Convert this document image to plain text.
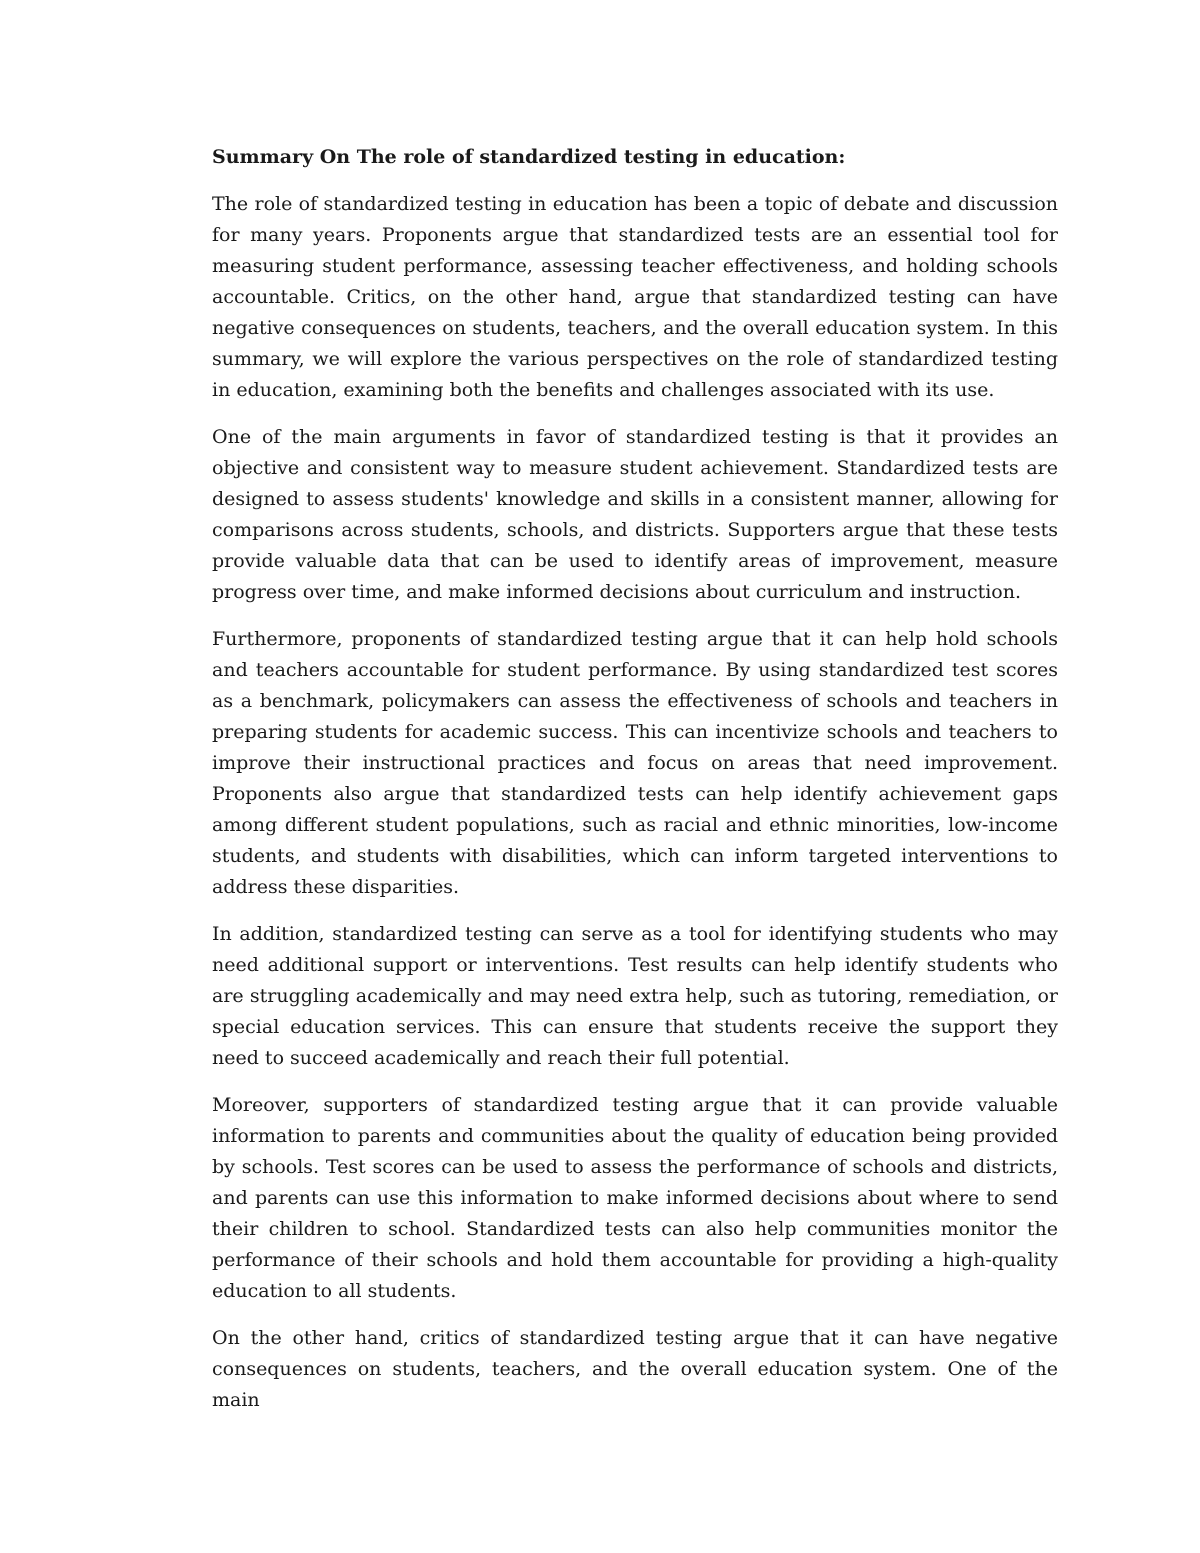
Summary On The role of standardized testing in education:

The role of standardized testing in education has been a topic of debate and discussion for many years. Proponents argue that standardized tests are an essential tool for measuring student performance, assessing teacher effectiveness, and holding schools accountable. Critics, on the other hand, argue that standardized testing can have negative consequences on students, teachers, and the overall education system. In this summary, we will explore the various perspectives on the role of standardized testing in education, examining both the benefits and challenges associated with its use.

One of the main arguments in favor of standardized testing is that it provides an objective and consistent way to measure student achievement. Standardized tests are designed to assess students' knowledge and skills in a consistent manner, allowing for comparisons across students, schools, and districts. Supporters argue that these tests provide valuable data that can be used to identify areas of improvement, measure progress over time, and make informed decisions about curriculum and instruction.

Furthermore, proponents of standardized testing argue that it can help hold schools and teachers accountable for student performance. By using standardized test scores as a benchmark, policymakers can assess the effectiveness of schools and teachers in preparing students for academic success. This can incentivize schools and teachers to improve their instructional practices and focus on areas that need improvement. Proponents also argue that standardized tests can help identify achievement gaps among different student populations, such as racial and ethnic minorities, low-income students, and students with disabilities, which can inform targeted interventions to address these disparities.

In addition, standardized testing can serve as a tool for identifying students who may need additional support or interventions. Test results can help identify students who are struggling academically and may need extra help, such as tutoring, remediation, or special education services. This can ensure that students receive the support they need to succeed academically and reach their full potential.

Moreover, supporters of standardized testing argue that it can provide valuable information to parents and communities about the quality of education being provided by schools. Test scores can be used to assess the performance of schools and districts, and parents can use this information to make informed decisions about where to send their children to school. Standardized tests can also help communities monitor the performance of their schools and hold them accountable for providing a high-quality education to all students.

On the other hand, critics of standardized testing argue that it can have negative consequences on students, teachers, and the overall education system. One of the main
